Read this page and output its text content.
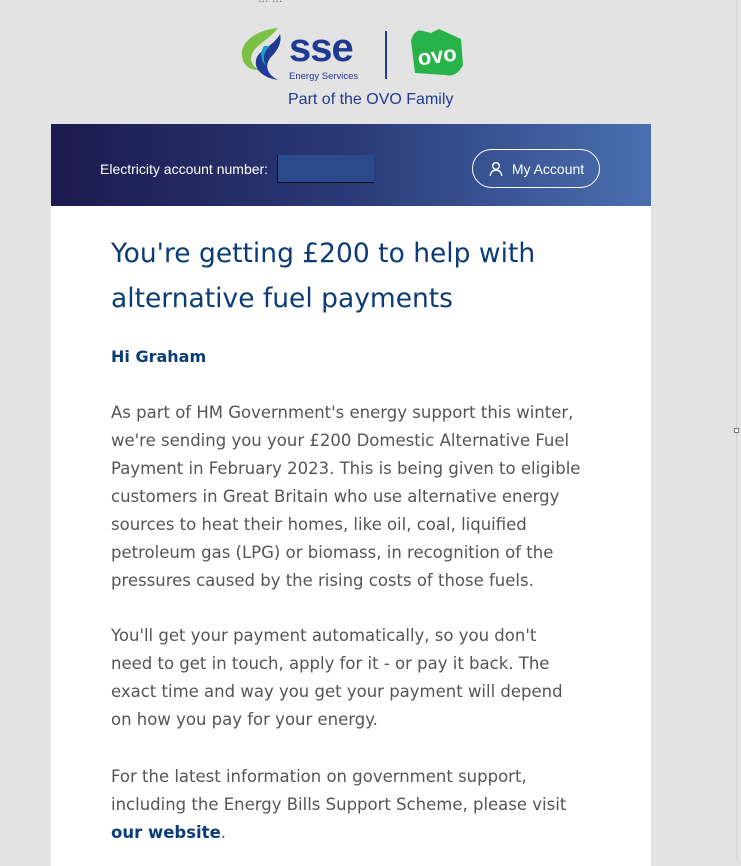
sse
Energy Services
ovo
Part of the OVO Family
Electricity account number:	My Account
You're getting £200 to help with alternative fuel payments
Hi Graham

As part of HM Government's energy support this winter, we're sending you your £200 Domestic Alternative Fuel Payment in February 2023. This is being given to eligible customers in Great Britain who use alternative energy sources to heat their homes, like oil, coal, liquified petroleum gas (LPG) or biomass, in recognition of the pressures caused by the rising costs of those fuels.

You'll get your payment automatically, so you don't need to get in touch, apply for it - or pay it back. The exact time and way you get your payment will depend on how you pay for your energy.

For the latest information on government support, including the Energy Bills Support Scheme, please visit our website.
